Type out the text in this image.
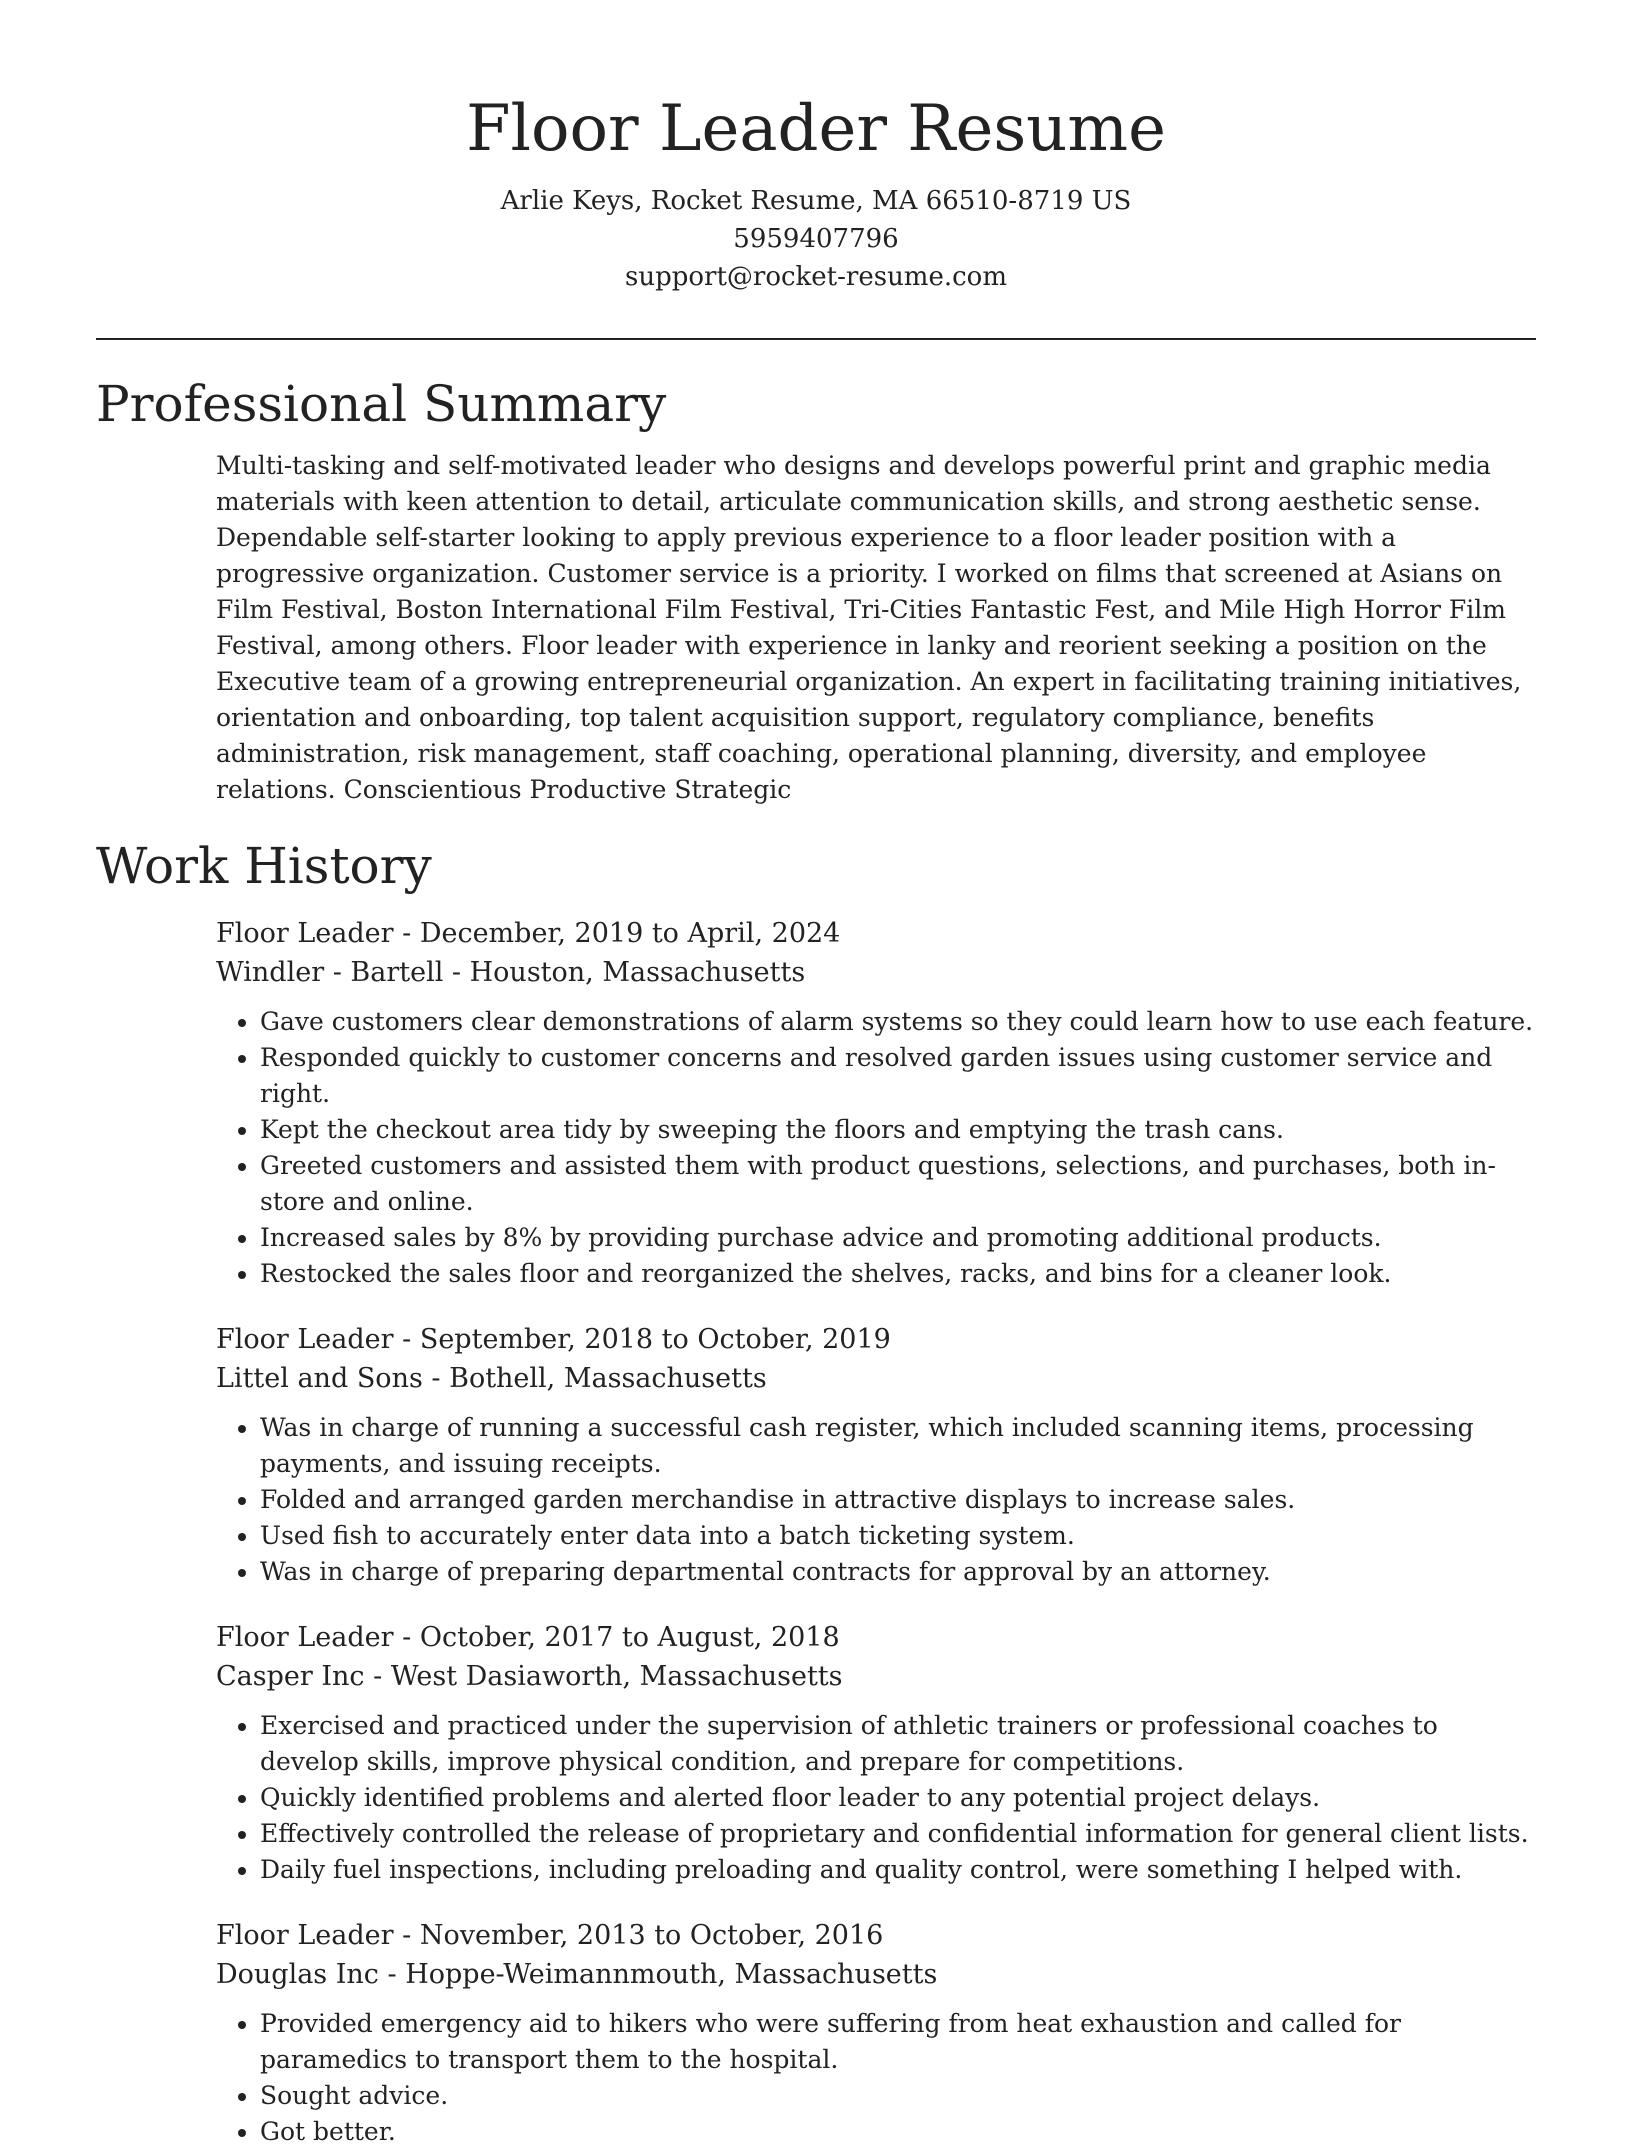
Floor Leader Resume

Arlie Keys, Rocket Resume, MA 66510-8719 US

5959407796

support@rocket-resume.com

Professional Summary

Multi-tasking and self-motivated leader who designs and develops powerful print and graphic media materials with keen attention to detail, articulate communication skills, and strong aesthetic sense. Dependable self-starter looking to apply previous experience to a floor leader position with a progressive organization. Customer service is a priority. I worked on films that screened at Asians on Film Festival, Boston International Film Festival, Tri-Cities Fantastic Fest, and Mile High Horror Film Festival, among others. Floor leader with experience in lanky and reorient seeking a position on the Executive team of a growing entrepreneurial organization. An expert in facilitating training initiatives, orientation and onboarding, top talent acquisition support, regulatory compliance, benefits administration, risk management, staff coaching, operational planning, diversity, and employee relations. Conscientious Productive Strategic

Work History

Floor Leader - December, 2019 to April, 2024

Windler - Bartell - Houston, Massachusetts

• Gave customers clear demonstrations of alarm systems so they could learn how to use each feature.
• Responded quickly to customer concerns and resolved garden issues using customer service and right.
• Kept the checkout area tidy by sweeping the floors and emptying the trash cans.
• Greeted customers and assisted them with product questions, selections, and purchases, both in-store and online.
• Increased sales by 8% by providing purchase advice and promoting additional products.
• Restocked the sales floor and reorganized the shelves, racks, and bins for a cleaner look.

Floor Leader - September, 2018 to October, 2019

Littel and Sons - Bothell, Massachusetts

• Was in charge of running a successful cash register, which included scanning items, processing payments, and issuing receipts.
• Folded and arranged garden merchandise in attractive displays to increase sales.
• Used fish to accurately enter data into a batch ticketing system.
• Was in charge of preparing departmental contracts for approval by an attorney.

Floor Leader - October, 2017 to August, 2018

Casper Inc - West Dasiaworth, Massachusetts

• Exercised and practiced under the supervision of athletic trainers or professional coaches to develop skills, improve physical condition, and prepare for competitions.
• Quickly identified problems and alerted floor leader to any potential project delays.
• Effectively controlled the release of proprietary and confidential information for general client lists.
• Daily fuel inspections, including preloading and quality control, were something I helped with.

Floor Leader - November, 2013 to October, 2016

Douglas Inc - Hoppe-Weimannmouth, Massachusetts

• Provided emergency aid to hikers who were suffering from heat exhaustion and called for paramedics to transport them to the hospital.
• Sought advice.
• Got better.
